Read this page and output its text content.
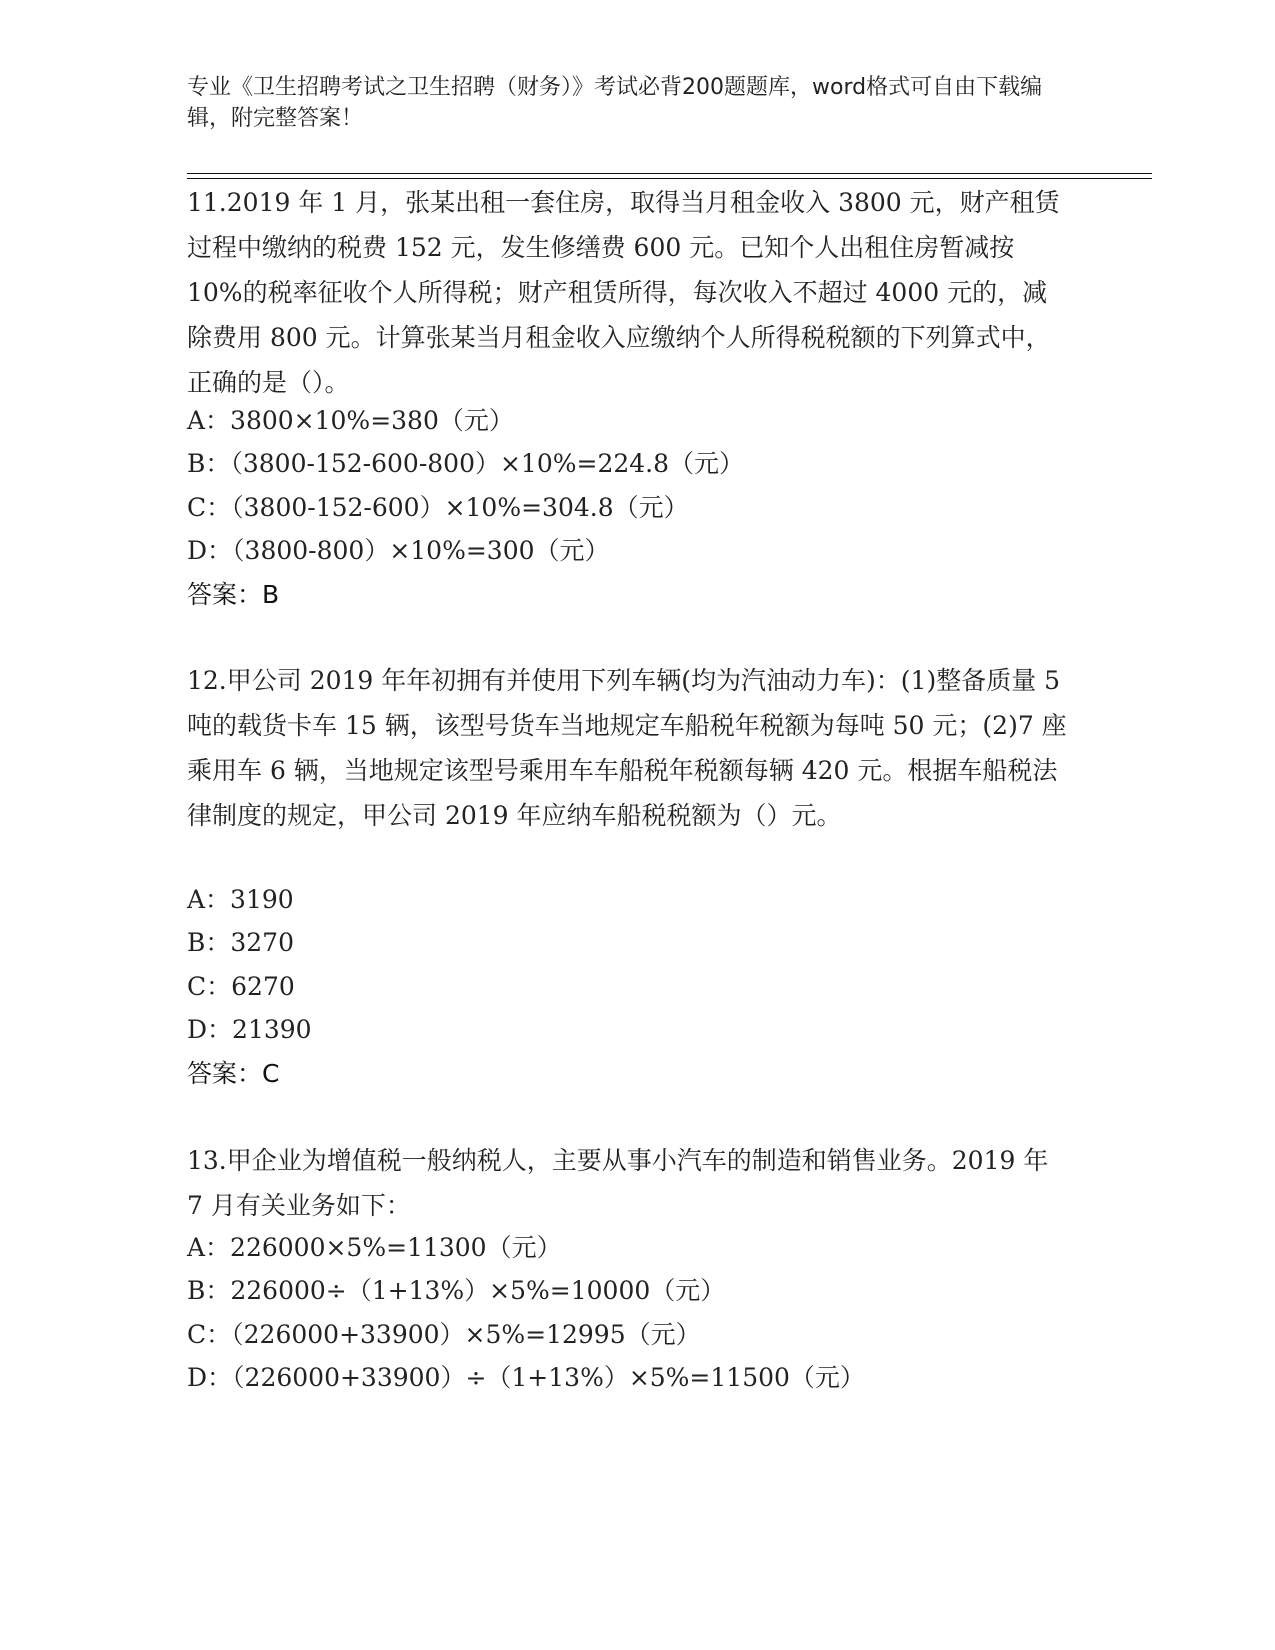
专业《卫生招聘考试之卫生招聘（财务）》考试必背200题题库，word格式可自由下载编辑，附完整答案！
11.2019 年 1 月，张某出租一套住房，取得当月租金收入 3800 元，财产租赁过程中缴纳的税费 152 元，发生修缮费 600 元。已知个人出租住房暂减按 10%的税率征收个人所得税；财产租赁所得，每次收入不超过 4000 元的，减除费用 800 元。计算张某当月租金收入应缴纳个人所得税税额的下列算式中，正确的是（）。
A：3800×10%=380（元）
B：（3800-152-600-800）×10%=224.8（元）
C：（3800-152-600）×10%=304.8（元）
D：（3800-800）×10%=300（元）
答案：B
12.甲公司 2019 年年初拥有并使用下列车辆(均为汽油动力车)：(1)整备质量 5 吨的载货卡车 15 辆，该型号货车当地规定车船税年税额为每吨 50 元；(2)7 座乘用车 6 辆，当地规定该型号乘用车车船税年税额每辆 420 元。根据车船税法律制度的规定，甲公司 2019 年应纳车船税税额为（）元。
A：3190
B：3270
C：6270
D：21390
答案：C
13.甲企业为增值税一般纳税人，主要从事小汽车的制造和销售业务。2019 年 7 月有关业务如下：
A：226000×5%=11300（元）
B：226000÷（1+13%）×5%=10000（元）
C：（226000+33900）×5%=12995（元）
D：（226000+33900）÷（1+13%）×5%=11500（元）
